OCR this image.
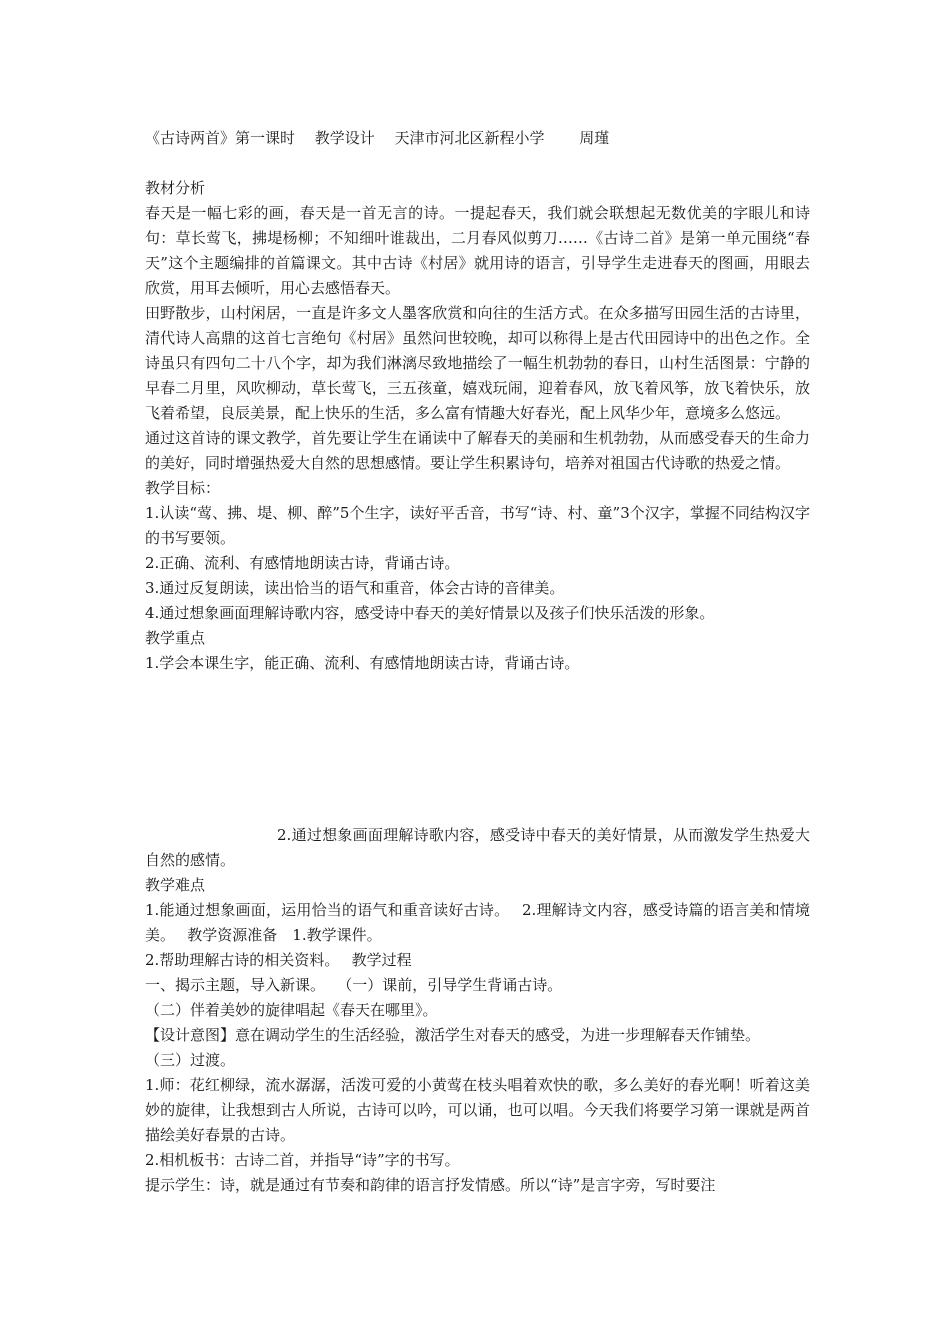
《古诗两首》第一课时　 教学设计　 天津市河北区新程小学　　 周瑾

教材分析

春天是一幅七彩的画，春天是一首无言的诗。一提起春天，我们就会联想起无数优美的字眼儿和诗句：草长莺飞，拂堤杨柳；不知细叶谁裁出，二月春风似剪刀……《古诗二首》是第一单元围绕“春天”这个主题编排的首篇课文。其中古诗《村居》就用诗的语言，引导学生走进春天的图画，用眼去欣赏，用耳去倾听，用心去感悟春天。

田野散步，山村闲居，一直是许多文人墨客欣赏和向往的生活方式。在众多描写田园生活的古诗里，清代诗人高鼎的这首七言绝句《村居》虽然问世较晚，却可以称得上是古代田园诗中的出色之作。全诗虽只有四句二十八个字，却为我们淋漓尽致地描绘了一幅生机勃勃的春日，山村生活图景：宁静的早春二月里，风吹柳动，草长莺飞，三五孩童，嬉戏玩闹，迎着春风，放飞着风筝，放飞着快乐，放飞着希望，良辰美景，配上快乐的生活，多么富有情趣大好春光，配上风华少年，意境多么悠远。

通过这首诗的课文教学，首先要让学生在诵读中了解春天的美丽和生机勃勃，从而感受春天的生命力的美好，同时增强热爱大自然的思想感情。要让学生积累诗句，培养对祖国古代诗歌的热爱之情。

教学目标：

1.认读“莺、拂、堤、柳、醉”5个生字，读好平舌音，书写“诗、村、童”3个汉字，掌握不同结构汉字的书写要领。

2.正确、流利、有感情地朗读古诗，背诵古诗。

3.通过反复朗读，读出恰当的语气和重音，体会古诗的音律美。

4.通过想象画面理解诗歌内容，感受诗中春天的美好情景以及孩子们快乐活泼的形象。

教学重点

1.学会本课生字，能正确、流利、有感情地朗读古诗，背诵古诗。

2.通过想象画面理解诗歌内容，感受诗中春天的美好情景，从而激发学生热爱大自然的感情。

教学难点

1.能通过想象画面，运用恰当的语气和重音读好古诗。　 2.理解诗文内容，感受诗篇的语言美和情境美。　 教学资源准备　1.教学课件。

2.帮助理解古诗的相关资料。　 教学过程

一、揭示主题，导入新课。　 （一）课前，引导学生背诵古诗。

（二）伴着美妙的旋律唱起《春天在哪里》。

【设计意图】意在调动学生的生活经验，激活学生对春天的感受，为进一步理解春天作铺垫。

（三）过渡。

1.师：花红柳绿，流水潺潺，活泼可爱的小黄莺在枝头唱着欢快的歌，多么美好的春光啊！听着这美妙的旋律，让我想到古人所说，古诗可以吟，可以诵，也可以唱。今天我们将要学习第一课就是两首描绘美好春景的古诗。

2.相机板书：古诗二首，并指导“诗”字的书写。

提示学生：诗，就是通过有节奏和韵律的语言抒发情感。所以“诗”是言字旁，写时要注
